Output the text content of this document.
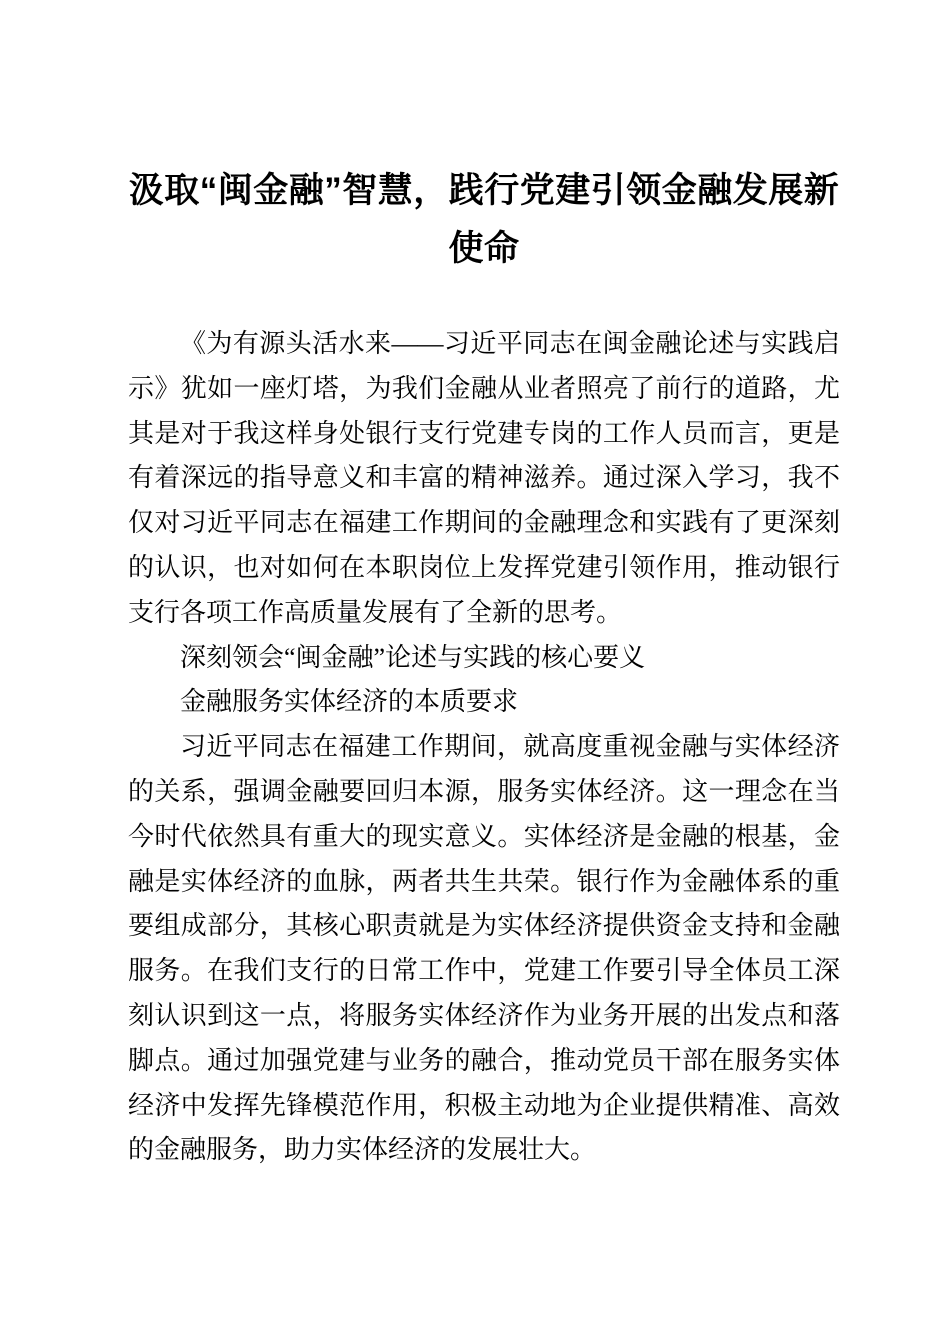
汲取“闽金融”智慧，践行党建引领金融发展新使命

《为有源头活水来——习近平同志在闽金融论述与实践启示》犹如一座灯塔，为我们金融从业者照亮了前行的道路，尤其是对于我这样身处银行支行党建专岗的工作人员而言，更是有着深远的指导意义和丰富的精神滋养。通过深入学习，我不仅对习近平同志在福建工作期间的金融理念和实践有了更深刻的认识，也对如何在本职岗位上发挥党建引领作用，推动银行支行各项工作高质量发展有了全新的思考。

深刻领会“闽金融”论述与实践的核心要义

金融服务实体经济的本质要求

习近平同志在福建工作期间，就高度重视金融与实体经济的关系，强调金融要回归本源，服务实体经济。这一理念在当今时代依然具有重大的现实意义。实体经济是金融的根基，金融是实体经济的血脉，两者共生共荣。银行作为金融体系的重要组成部分，其核心职责就是为实体经济提供资金支持和金融服务。在我们支行的日常工作中，党建工作要引导全体员工深刻认识到这一点，将服务实体经济作为业务开展的出发点和落脚点。通过加强党建与业务的融合，推动党员干部在服务实体经济中发挥先锋模范作用，积极主动地为企业提供精准、高效的金融服务，助力实体经济的发展壮大。
